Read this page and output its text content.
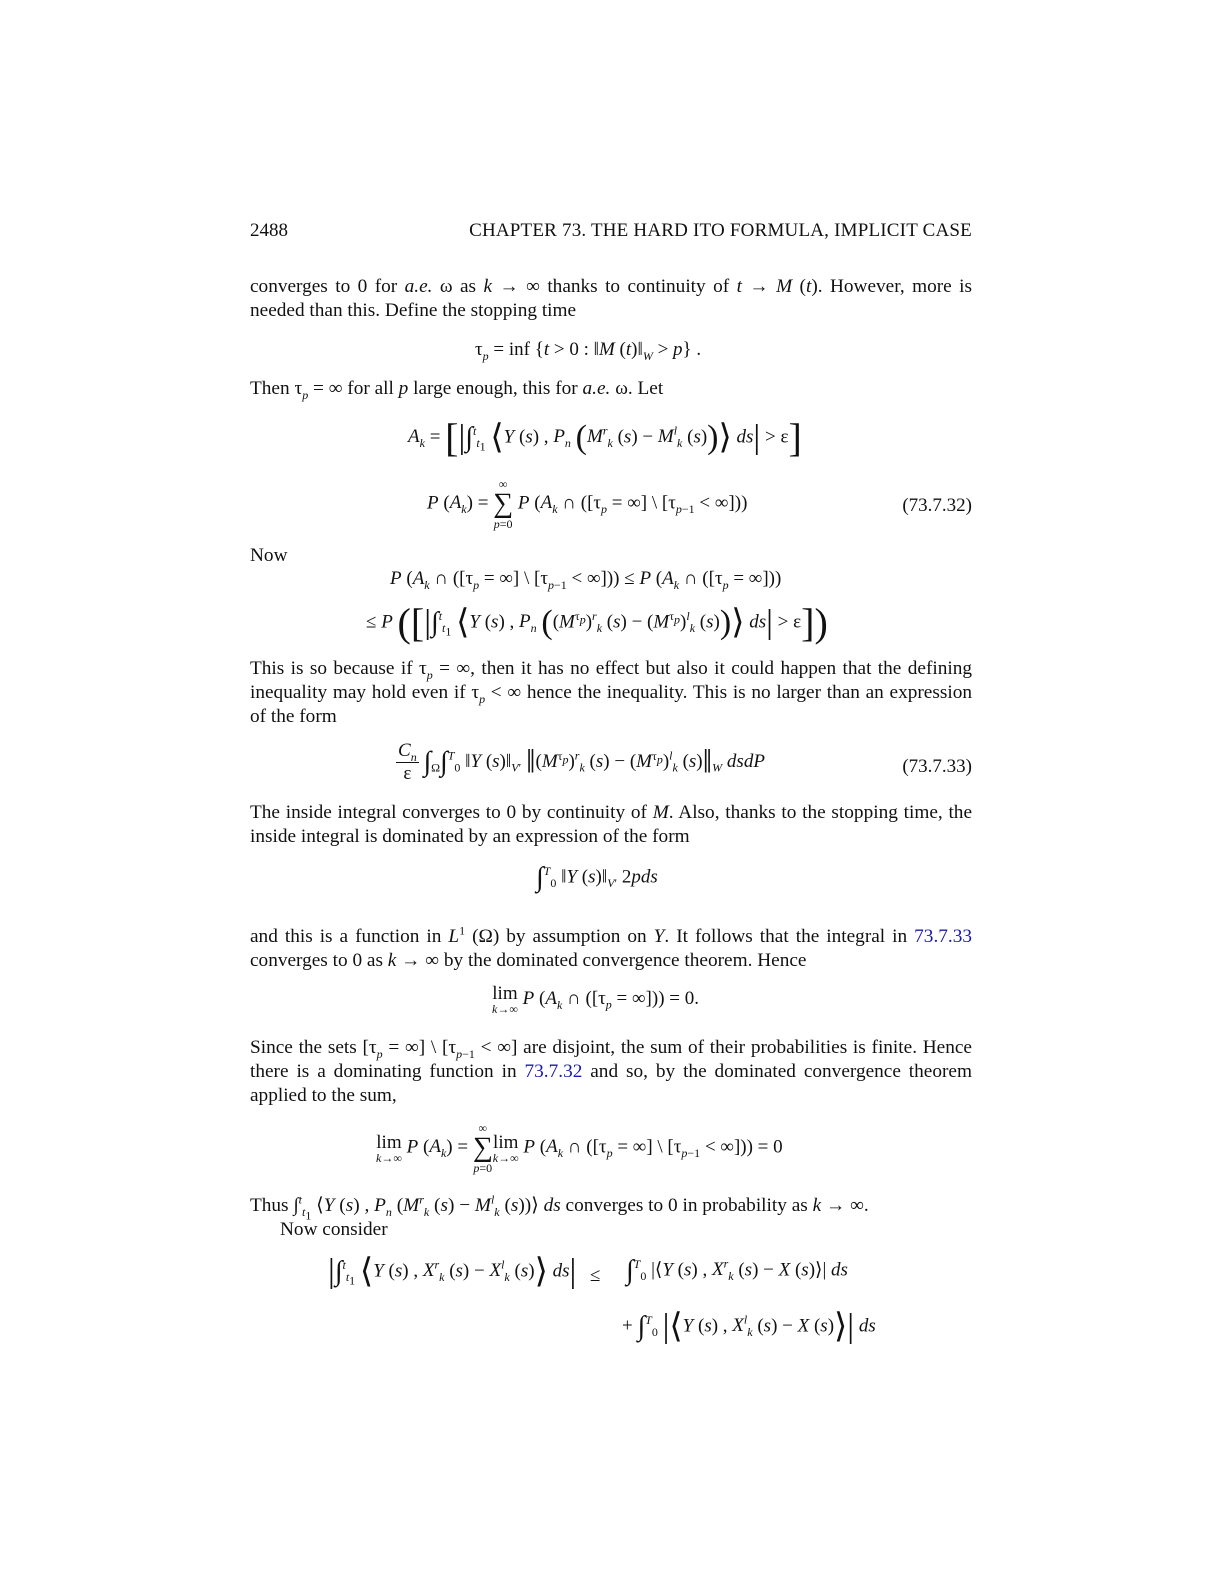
2488	CHAPTER 73. THE HARD ITO FORMULA, IMPLICIT CASE
converges to 0 for a.e. ω as k → ∞ thanks to continuity of t → M (t). However, more is needed than this. Define the stopping time
$\tau_p$ = inf {t > 0 : ‖M $(t)‖_W > p$} .
Then $\tau_p$ = ∞ for all p large enough, this for a.e. ω. Let
$A_k = [|\int^t_{t_1}$ ⟨Y (s) , $P_n$ ($M^r_k$ $(s) - M^l_k$ (s))⟩ ds| > ε]
P $(A_k)$ =
∞
∑
p=0
P ($A_k$ ∩ ([$\tau_p$ = ∞] \ [$\tau_{p-1}$ < ∞]))	(73.7.32)
Now
P ($A_k$ ∩ ([$\tau_p$ = ∞] \ [$\tau_{p-1}$ < ∞])) ≤ P ($A_k$ ∩ ([$\tau_p$ = ∞]))
≤ P ([|∫$^t_{t_1}$ ⟨Y (s) , $P_n$ ($(M^{\tau_p})^r_k$ $(s) - (M^{\tau_p})^l_k$ (s))⟩ ds| > ε])
This is so because if $\tau_p$ = ∞, then it has no effect but also it could happen that the defining inequality may hold even if $\tau_p$ < ∞ hence the inequality. This is no larger than an expression of the form
$\frac{C_n}{\varepsilon} \int_\Omega\int^T_0$ ‖Y $(s)‖_{V'}$ $‖(M^{\tau_p})^r_k$ $(s) - (M^{\tau_p})^l_k$ $(s)‖_W$ dsdP	(73.7.33)
The inside integral converges to 0 by continuity of M. Also, thanks to the stopping time, the inside integral is dominated by an expression of the form
∫$^T_0$ ‖Y $(s)‖_{V'}$ 2pds
and this is a function in $L^1$ (Ω) by assumption on Y. It follows that the integral in 73.7.33 converges to 0 as k → ∞ by the dominated convergence theorem. Hence
lim
k→∞
P ($A_k$ ∩ ([$\tau_p$ = ∞])) = 0.
Since the sets [$\tau_p$ = ∞] \ [$\tau_{p-1}$ < ∞] are disjoint, the sum of their probabilities is finite. Hence there is a dominating function in 73.7.32 and so, by the dominated convergence theorem applied to the sum,
lim
k→∞
P $(A_k)$ =
∞
∑
p=0
lim
k→∞
P ($A_k$ ∩ ([$\tau_p$ = ∞] \ [$\tau_{p-1}$ < ∞])) = 0
Thus ∫$^t_{t_1}$ ⟨Y (s) , $P_n$ ($M^r_k$ $(s) - M^l_k$ (s))⟩ ds converges to 0 in probability as k → ∞.
Now consider
|∫$^t_{t_1}$ ⟨Y (s) , $X^r_k$ $(s) - X^l_k$ (s)⟩ ds| ≤ ∫$^T_0$ |⟨Y (s) , $X^r_k$ (s) − X (s)⟩| ds
+ ∫$^T_0$ |⟨Y (s) , $X^l_k$ (s) − X (s)⟩| ds
